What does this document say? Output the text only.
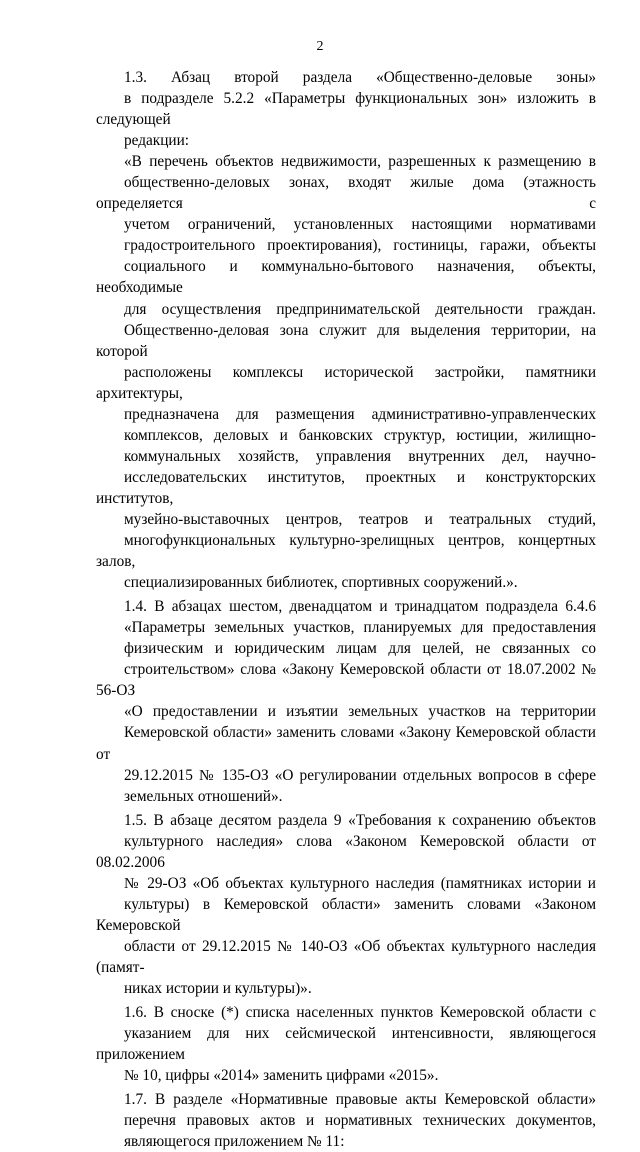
2

1.3. Абзац второй раздела «Общественно-деловые зоны»
в подразделе 5.2.2 «Параметры функциональных зон» изложить в следующей
редакции:

«В перечень объектов недвижимости, разрешенных к размещению в
общественно-деловых зонах, входят жилые дома (этажность определяется с
учетом ограничений, установленных настоящими нормативами
градостроительного проектирования), гостиницы, гаражи, объекты
социального и коммунально-бытового назначения, объекты, необходимые
для осуществления предпринимательской деятельности граждан.
Общественно-деловая зона служит для выделения территории, на которой
расположены комплексы исторической застройки, памятники архитектуры,
предназначена для размещения административно-управленческих
комплексов, деловых и банковских структур, юстиции, жилищно-
коммунальных хозяйств, управления внутренних дел, научно-
исследовательских институтов, проектных и конструкторских институтов,
музейно-выставочных центров, театров и театральных студий,
многофункциональных культурно-зрелищных центров, концертных залов,
специализированных библиотек, спортивных сооружений.».

1.4. В абзацах шестом, двенадцатом и тринадцатом подраздела 6.4.6
«Параметры земельных участков, планируемых для предоставления
физическим и юридическим лицам для целей, не связанных со
строительством» слова «Закону Кемеровской области от 18.07.2002 № 56-ОЗ
«О предоставлении и изъятии земельных участков на территории
Кемеровской области» заменить словами «Закону Кемеровской области от
29.12.2015 № 135-ОЗ «О регулировании отдельных вопросов в сфере
земельных отношений».

1.5. В абзаце десятом раздела 9 «Требования к сохранению объектов
культурного наследия» слова «Законом Кемеровской области от 08.02.2006
№ 29-ОЗ «Об объектах культурного наследия (памятниках истории и
культуры) в Кемеровской области» заменить словами «Законом Кемеровской
области от 29.12.2015 № 140-ОЗ «Об объектах культурного наследия (памят-
никах истории и культуры)».

1.6. В сноске (*) списка населенных пунктов Кемеровской области с
указанием для них сейсмической интенсивности, являющегося приложением
№ 10, цифры «2014» заменить цифрами «2015».

1.7. В разделе «Нормативные правовые акты Кемеровской области»
перечня правовых актов и нормативных технических документов,
являющегося приложением № 11:
